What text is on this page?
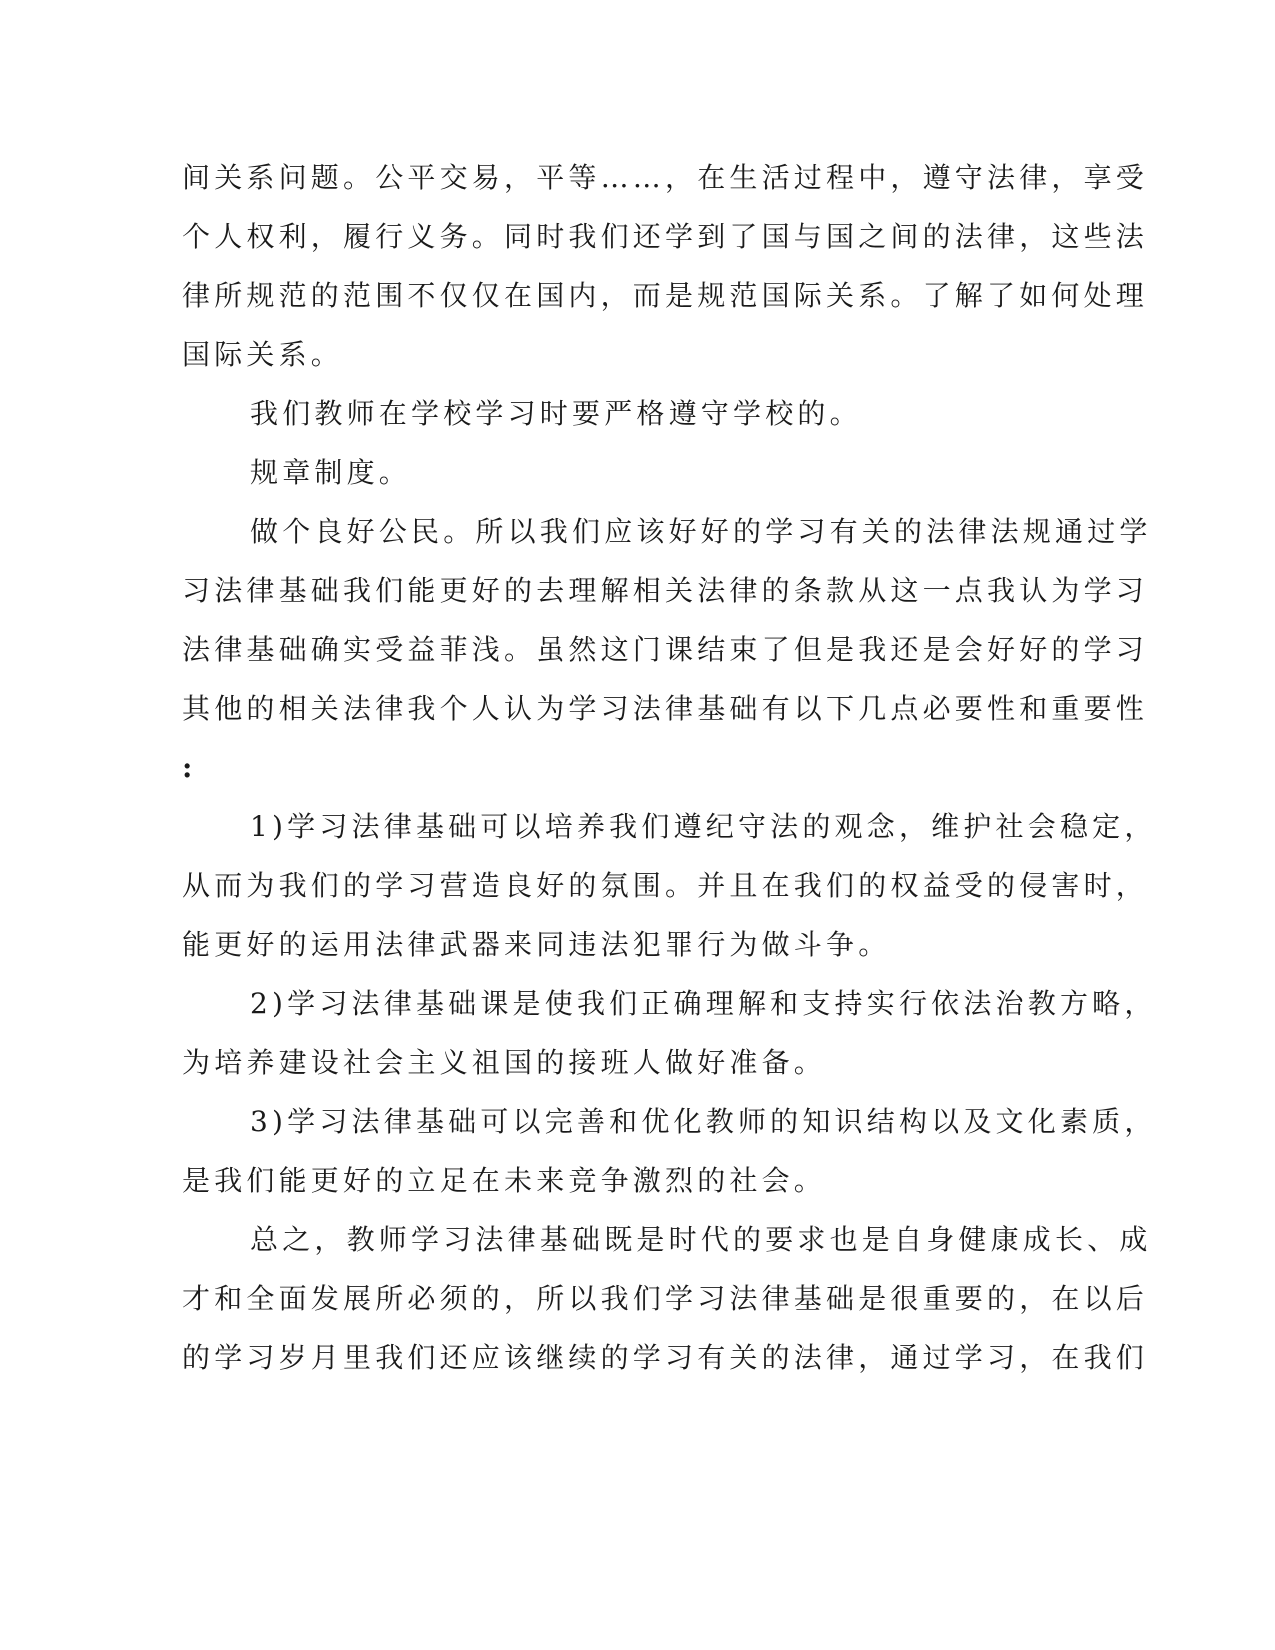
间关系问题。公平交易，平等……，在生活过程中，遵守法律，享受
个人权利，履行义务。同时我们还学到了国与国之间的法律，这些法
律所规范的范围不仅仅在国内，而是规范国际关系。了解了如何处理
国际关系。
我们教师在学校学习时要严格遵守学校的。
规章制度。
做个良好公民。所以我们应该好好的学习有关的法律法规通过学
习法律基础我们能更好的去理解相关法律的条款从这一点我认为学习
法律基础确实受益菲浅。虽然这门课结束了但是我还是会好好的学习
其他的相关法律我个人认为学习法律基础有以下几点必要性和重要性
:
1)学习法律基础可以培养我们遵纪守法的观念，维护社会稳定，
从而为我们的学习营造良好的氛围。并且在我们的权益受的侵害时，
能更好的运用法律武器来同违法犯罪行为做斗争。
2)学习法律基础课是使我们正确理解和支持实行依法治教方略，
为培养建设社会主义祖国的接班人做好准备。
3)学习法律基础可以完善和优化教师的知识结构以及文化素质，
是我们能更好的立足在未来竞争激烈的社会。
总之，教师学习法律基础既是时代的要求也是自身健康成长、成
才和全面发展所必须的，所以我们学习法律基础是很重要的，在以后
的学习岁月里我们还应该继续的学习有关的法律，通过学习，在我们
